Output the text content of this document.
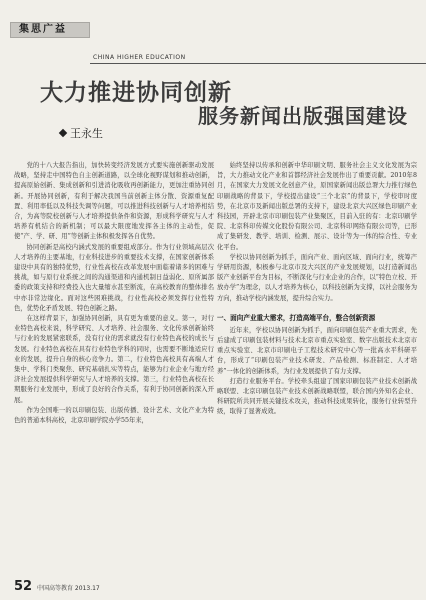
集思广益
CHINA HIGHER EDUCATION
大力推进协同创新
服务新闻出版强国建设
王永生

党的十八大报告指出，加快转变经济发展方式要实施创新驱动发展战略，坚持走中国特色自主创新道路，以全球化视野谋划和推动创新，提高原始创新、集成创新和引进消化吸收再创新能力，更加注重协同创新。开展协同创新，有利于解决我国当前创新主体分散、资源重复配置、利用率低以及科技失调等问题，可以推进科技创新与人才培养相结合，为高等院校创新与人才培养提供条件和资源，形成科学研究与人才培养有机结合的新机制；可以最大限度地发挥各主体的主动性，促使“产、学、研、用”等创新主体积极发挥各自优势。

协同创新是高校内涵式发展的重要组成部分。作为行业领域高层次人才培养的主要基地，行业科技进步的重要技术支撑，在国家创新体系建设中具有的独特优势，行业性高校在改革发展中面临着诸多的困难与挑战，如与原行业系统之间的沟通渠道和内通机制日益弱化、原所属部委的政策支持和经费投入也大量缩水甚至断流，在高校教育的整体排名中亦非常边缘化。面对这些困难挑战，行业性高校必须发挥行业性特色，优势化矛盾发展、特色创新之路。

在这样背景下，加强协同创新，具有更为重要的意义。第一，对行业特色高校来说，科学研究、人才培养、社会服务、文化传承创新始终与行业的发展紧密联系，没有行业的需求就没有行业特色高校的成长与发展。行业特色高校在具有行业特色学科的同时，也需要不断地适应行业的发展，提升自身的核心竞争力。第二，行业特色高校具有高端人才集中、学科门类聚焦、研究基础扎实等特点，能够为行业企业与地方经济社会发展提供科学研究与人才培养的支撑。第三，行业特色高校在长期服务行业发展中，形成了良好的合作关系，有利于协同创新的深入开展。

作为全国唯一的以印刷包装、出版传播、设计艺术、文化产业为特色的普通本科高校，北京印刷学院办学55年来，

始终坚持以传承和创新中华印刷文明、服务社会主义文化发展为宗旨，大力推动文化产业和首都经济社会发展作出了重要贡献。2010年8月，在国家大力发展文化创意产业，原国家新闻出版总署大力推行绿色印刷战略的背景下，学校提出建设“三个北京”的背景下，学校审时度势，在北京市及新闻出版总署的支持下，建设北京大兴区绿色印刷产业科技园，开辟北京市印刷包装产业集聚区，目前入驻的有：北京印刷学院、北京科印传媒文化股份有限公司、北京科印网络有限公司等，已形成了集研发、教学、培训、检测、展示、设计等为一体的综合性、专业化平台。

学校以协同创新为抓手，面向产业、面向区域、面向行业，统筹产学研用资源，积极参与北京市及大兴区的产业发展规划，以打造新闻出版产业创新平台为目标，不断深化与行业企业的合作，以“特色立校、开放办学”为理念，以人才培养为核心，以科技创新为支撑，以社会服务为方向，推动学校内涵发展，提升综合实力。

一、面向产业重大需求，打造高端平台，整合创新资源

近年来，学校以协同创新为抓手，面向印刷包装产业重大需求，先后建成了印刷包装材料与技术北京市重点实验室、数字出版技术北京市重点实验室、北京市印刷电子工程技术研究中心等一批高水平科研平台，形成了“印刷包装产业技术研发、产品检测、标准制定、人才培养”一体化的创新体系，为行业发展提供了有力支撑。

打造行业服务平台。学校牵头组建了国家印刷包装产业技术创新战略联盟、北京印刷包装产业技术创新战略联盟，联合国内外知名企业、科研院所共同开展关键技术攻关，推动科技成果转化，服务行业转型升级，取得了显著成效。

52 中国高等教育 2013.17
